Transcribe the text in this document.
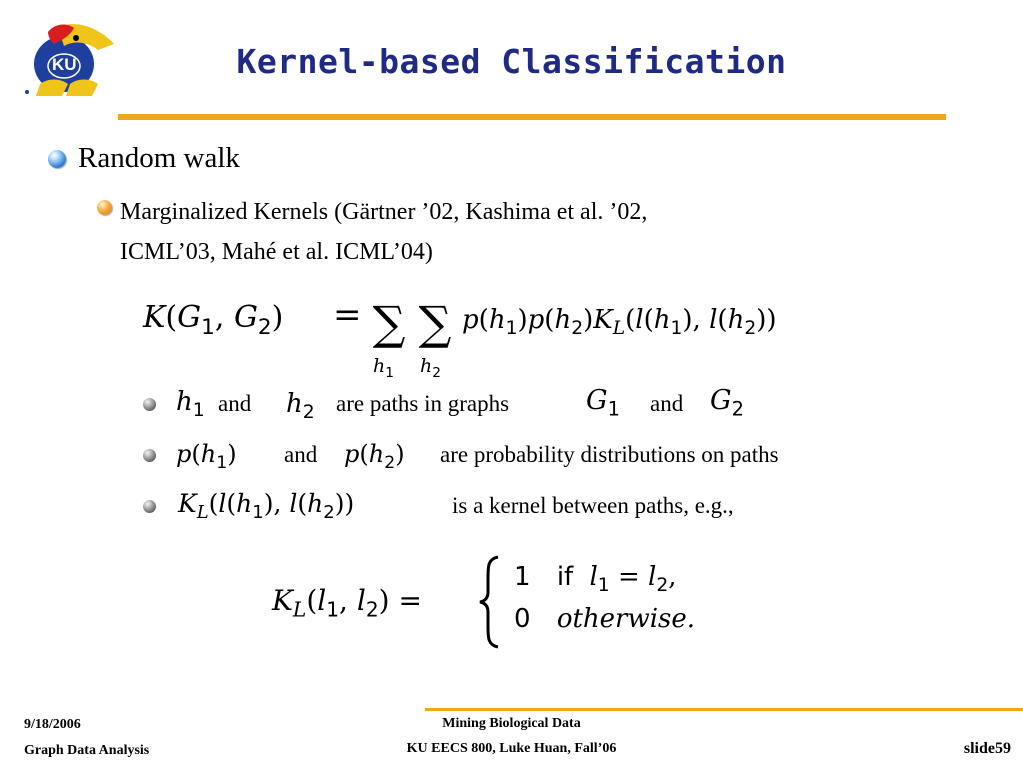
KU	Kernel-based Classification
Random walk
Marginalized Kernels (Gärtner ’02, Kashima et al. ’02,
ICML’03, Mahé et al. ICML’04)
$K(G_1$, $G_2$) = ∑
$h_1$
∑
$h_2$
$p(h_1)p(h_2)K_L(l(h_1)$, $l(h_2)$)
$h_1$ and $h_2$ are paths in graphs	$G_1$ and $G_2$
$p(h_1)$ and $p(h_2)$ are probability distributions on paths
$K_L(l(h_1)$, $l(h_2)$)	is a kernel between paths, e.g.,
$K_L(l_1$, $l_2$) =
1 if $l_1 = l_2$,
0 otherwise.
9/18/2006
Graph Data Analysis
Mining Biological Data
KU EECS 800, Luke Huan, Fall’06	slide59
